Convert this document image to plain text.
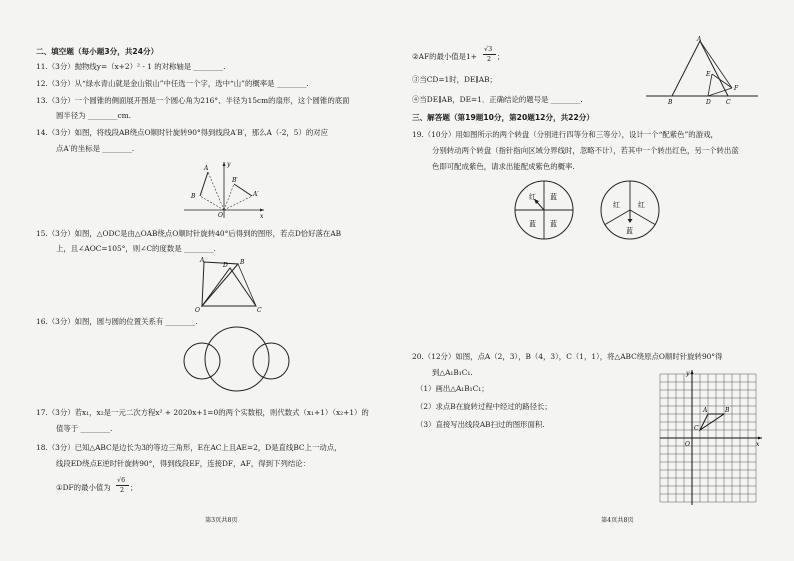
二、填空题（每小题3分，共24分）
11.（3分）抛物线y=（x+2）² - 1 的对称轴是 ________.
12.（3分）从“绿水青山就是金山银山”中任选一个字，选中“山”的概率是 ________.
13.（3分）一个圆锥的侧面展开图是一个圆心角为216°、半径为15cm的扇形，这个圆锥的底面
圆半径为 ________cm.
14.（3分）如图，将线段AB绕点O顺时针旋转90°得到线段A′B′，那么A（-2，5）的对应
点A′的坐标是 ________.
A
B
B′
A′
O	x
y
15.（3分）如图，△ODC是由△OAB绕点O顺时针旋转40°后得到的图形，若点D恰好落在AB
上，且∠AOC=105°，则∠C的度数是 ________.
A	B
D
C
O
16.（3分）如图，圆与圆的位置关系有 ________.
17.（3分）若x₁，x₂是一元二次方程x² + 2020x+1=0的两个实数根，则代数式（x₁+1）（x₂+1）的
值等于 ________.
18.（3分）已知△ABC是边长为3的等边三角形，E在AC上且AE=2，D是直线BC上一动点，
线段ED绕点E逆时针旋转90°，得到线段EF，连接DF，AF，得到下列结论：
①DF的最小值为
√6
2 ；
第3页共8页
②AF的最小值是1+
√3
2 ；
③当CD=1时，DE∥AB；
④当DE∥AB，DE=1．正确结论的题号是 ________.
A
B	D	C
E
F
三、解答题（第19题10分，第20题12分，共22分）
19.（10分）用如图所示的两个转盘（分别进行四等分和三等分），设计一个“配紫色”的游戏，
分别转动两个转盘（指针指向区域分界线时，忽略不计），若其中一个转出红色，另一个转出蓝
色即可配成紫色，请求出能配成紫色的概率.
红 蓝
蓝 蓝
红	红
蓝
20.（12分）如图，点A（2，3），B（4，3），C（1，1），将△ABC绕原点O顺时针旋转90°得
到△A₁B₁C₁.
（1）画出△A₁B₁C₁；
（2）求点B在旋转过程中经过的路径长；
（3）直接写出线段AB扫过的图形面积.
A	B
C
O	x
y
第4页共8页
